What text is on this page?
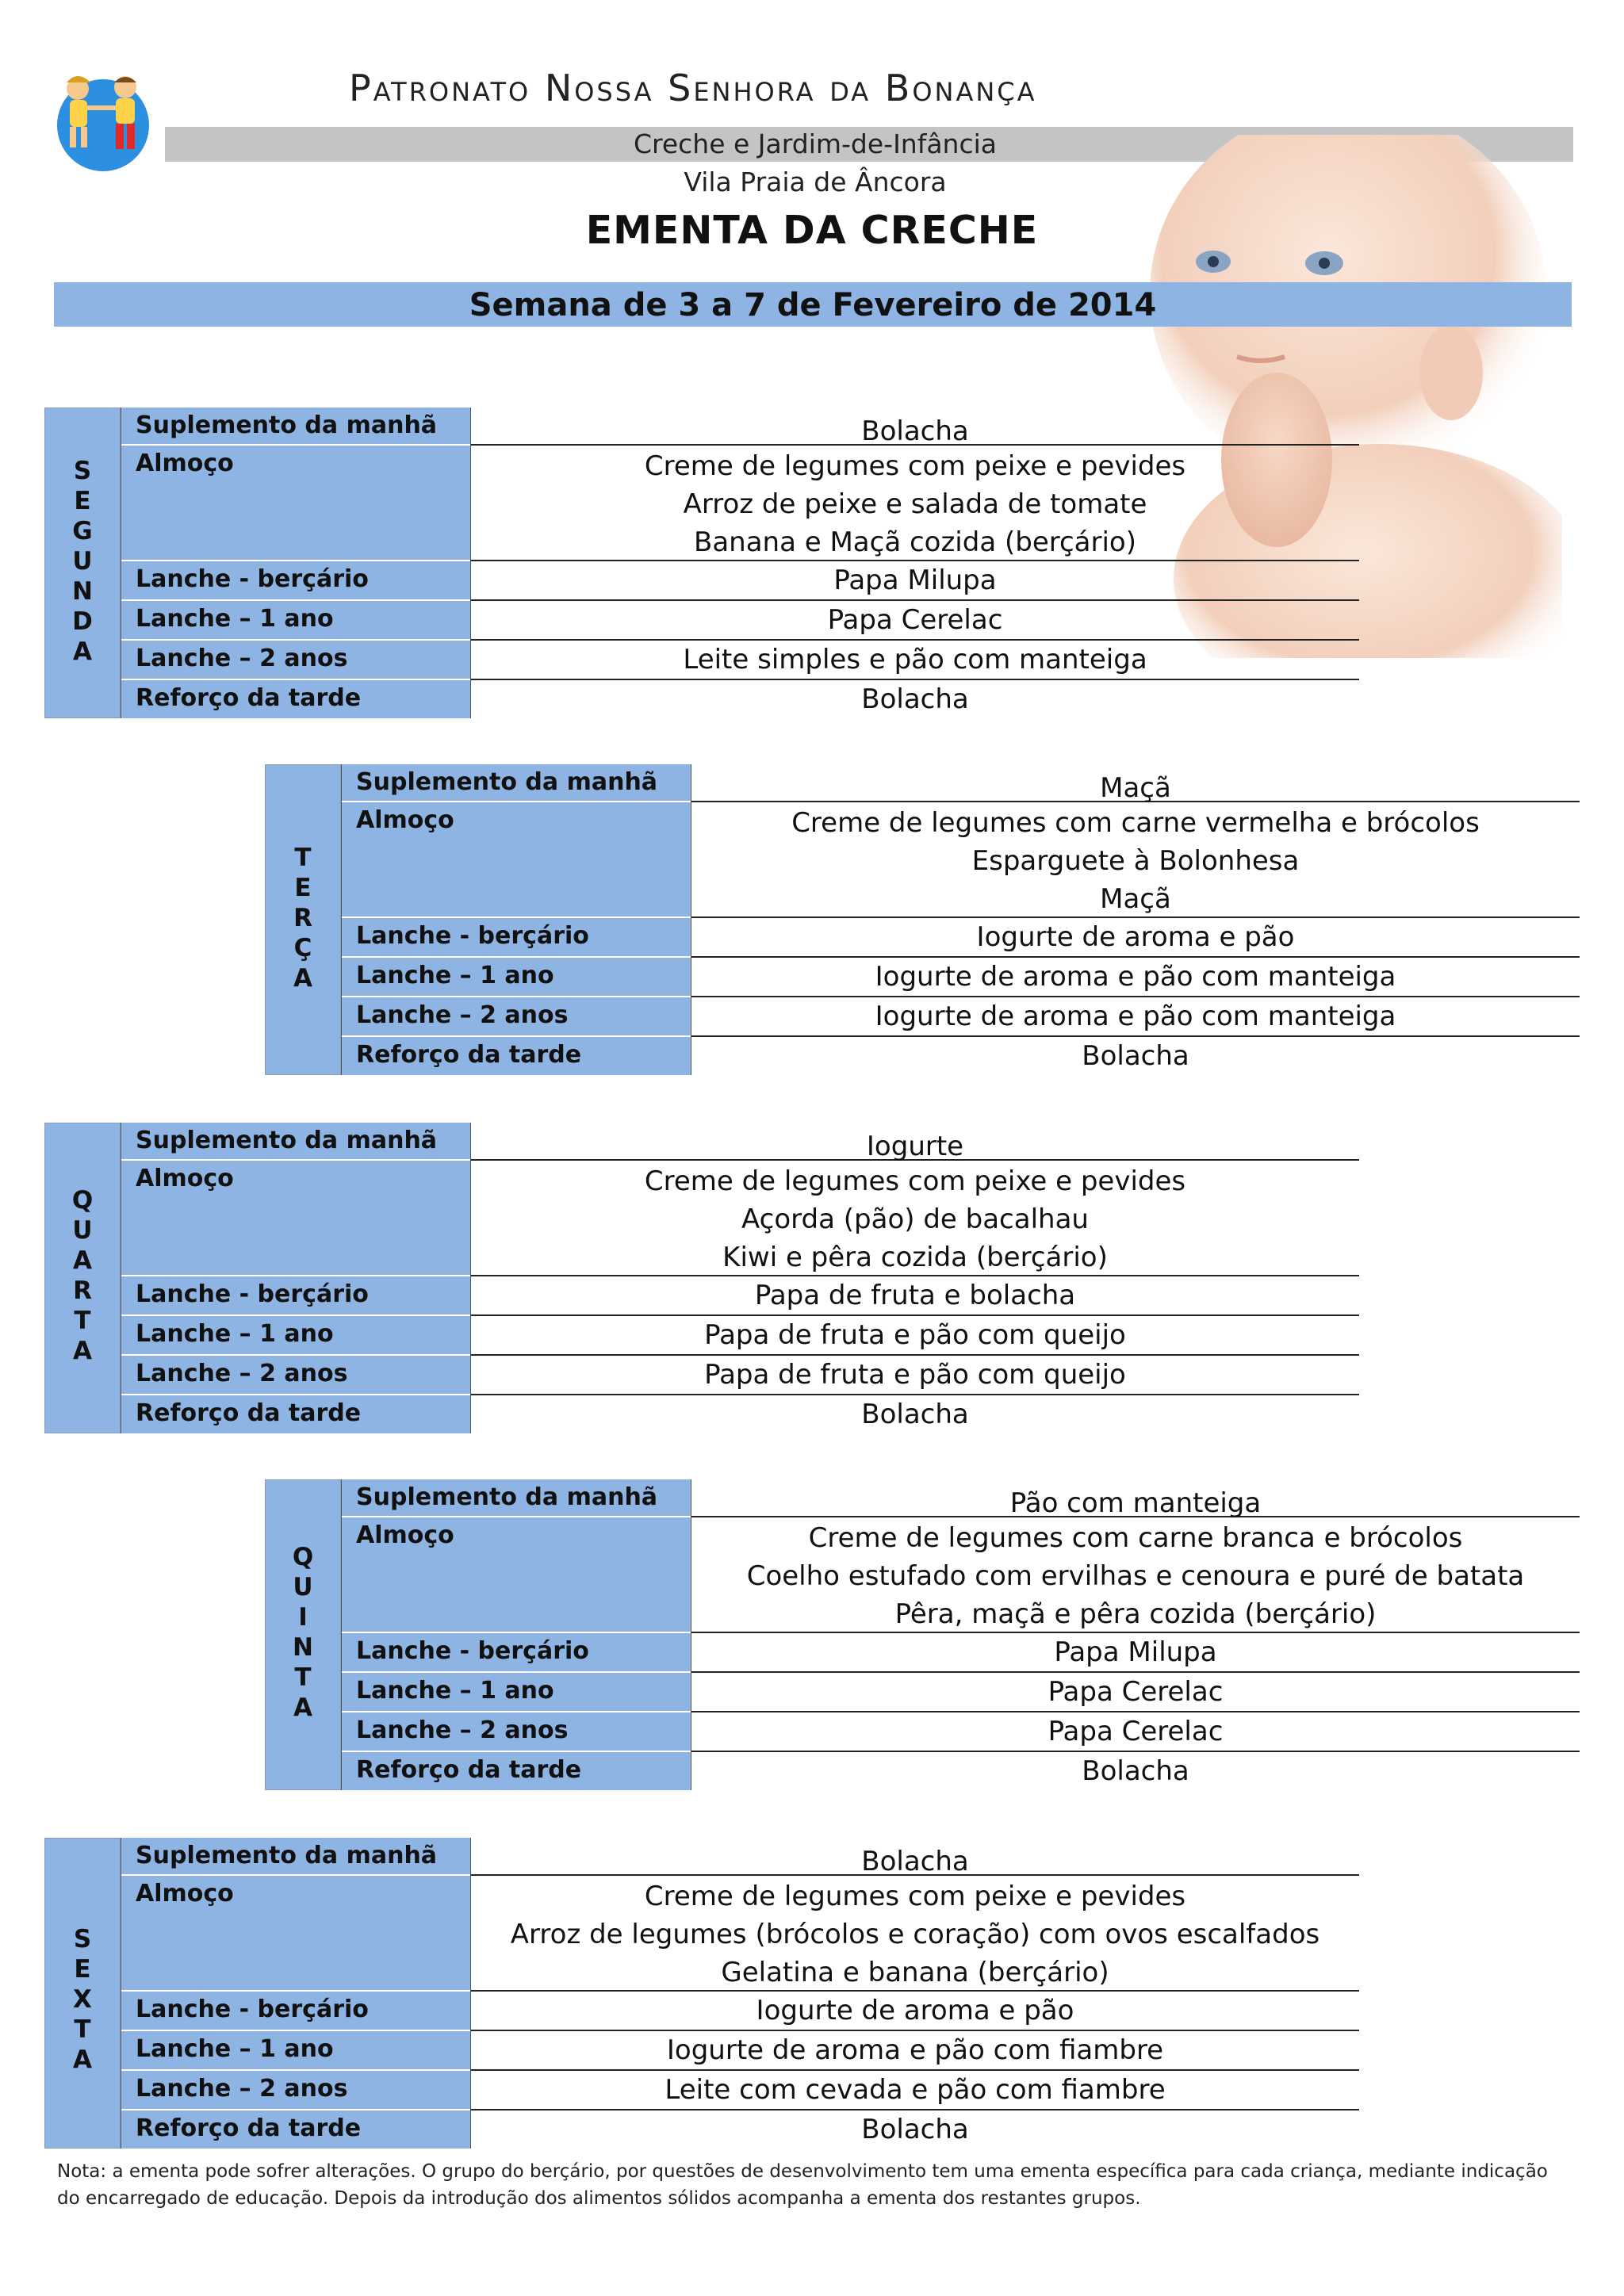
Patronato Nossa Senhora da Bonança
Creche e Jardim-de-Infância
Vila Praia de Âncora
EMENTA DA CRECHE
Semana de 3 a 7 de Fevereiro de 2014
S
E
G
U
N
D
A
Suplemento da manhã
Almoço
Lanche - berçário
Lanche – 1 ano
Lanche – 2 anos
Reforço da tarde
Bolacha
Creme de legumes com peixe e pevides
Arroz de peixe e salada de tomate
Banana e Maçã cozida (berçário)
Papa Milupa
Papa Cerelac
Leite simples e pão com manteiga
Bolacha
T
E
R
Ç
A
Suplemento da manhã
Almoço
Lanche - berçário
Lanche – 1 ano
Lanche – 2 anos
Reforço da tarde
Maçã
Creme de legumes com carne vermelha e brócolos
Esparguete à Bolonhesa
Maçã
Iogurte de aroma e pão
Iogurte de aroma e pão com manteiga
Iogurte de aroma e pão com manteiga
Bolacha
Q
U
A
R
T
A
Suplemento da manhã
Almoço
Lanche - berçário
Lanche – 1 ano
Lanche – 2 anos
Reforço da tarde
Iogurte
Creme de legumes com peixe e pevides
Açorda (pão) de bacalhau
Kiwi e pêra cozida (berçário)
Papa de fruta e bolacha
Papa de fruta e pão com queijo
Papa de fruta e pão com queijo
Bolacha
Q
U
I
N
T
A
Suplemento da manhã
Almoço
Lanche - berçário
Lanche – 1 ano
Lanche – 2 anos
Reforço da tarde
Pão com manteiga
Creme de legumes com carne branca e brócolos
Coelho estufado com ervilhas e cenoura e puré de batata
Pêra, maçã e pêra cozida (berçário)
Papa Milupa
Papa Cerelac
Papa Cerelac
Bolacha
S
E
X
T
A
Suplemento da manhã
Almoço
Lanche - berçário
Lanche – 1 ano
Lanche – 2 anos
Reforço da tarde
Bolacha
Creme de legumes com peixe e pevides
Arroz de legumes (brócolos e coração) com ovos escalfados
Gelatina e banana (berçário)
Iogurte de aroma e pão
Iogurte de aroma e pão com fiambre
Leite com cevada e pão com fiambre
Bolacha
Nota: a ementa pode sofrer alterações. O grupo do berçário, por questões de desenvolvimento tem uma ementa específica para cada criança, mediante indicação do encarregado de educação. Depois da introdução dos alimentos sólidos acompanha a ementa dos restantes grupos.
